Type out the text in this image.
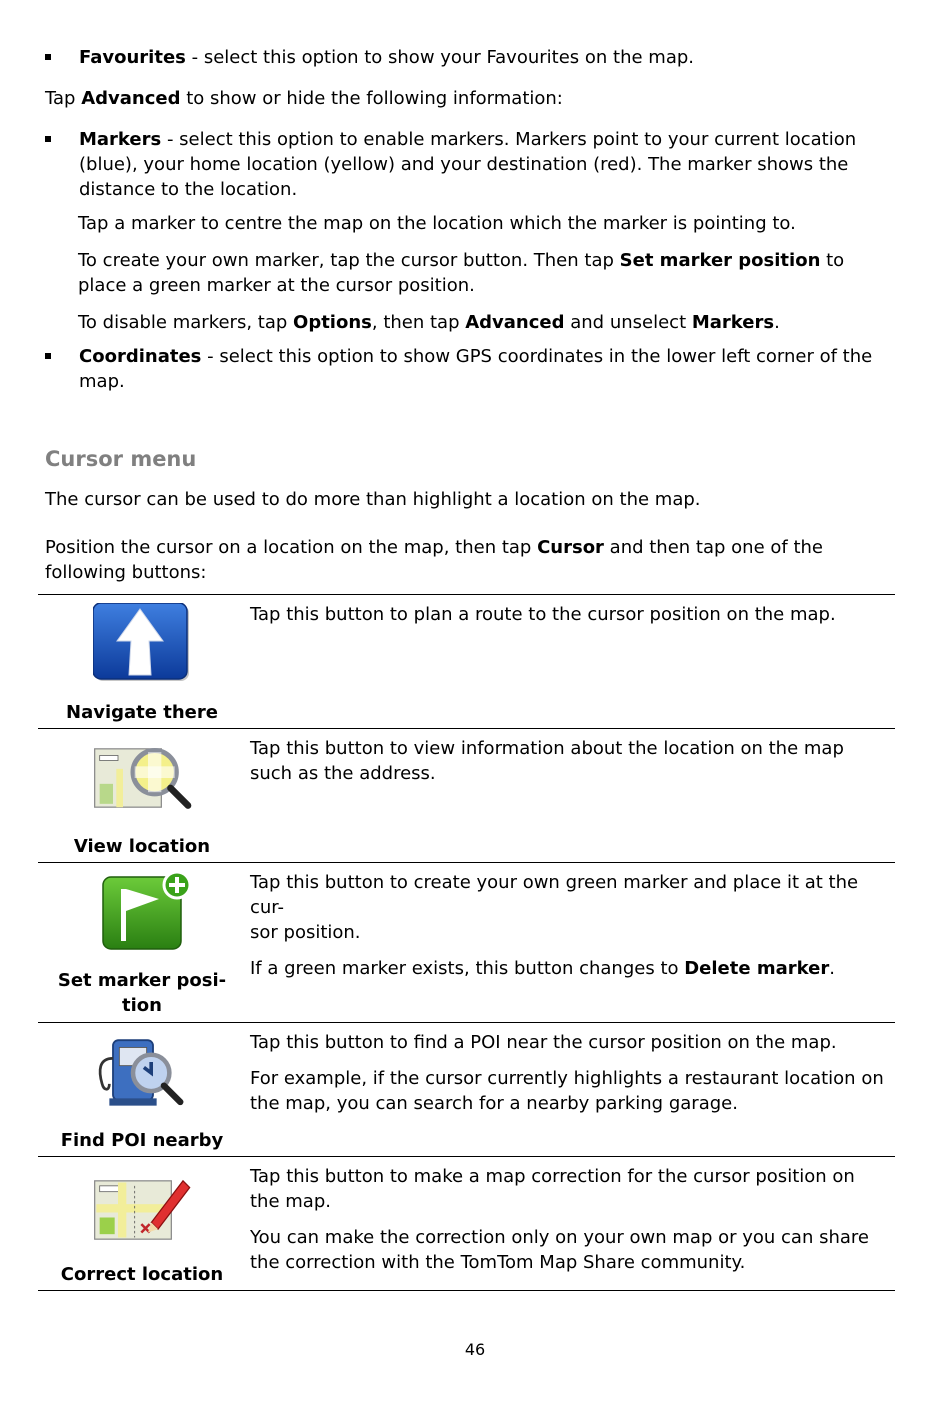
Favourites - select this option to show your Favourites on the map.
Tap Advanced to show or hide the following information:
Markers - select this option to enable markers. Markers point to your current location (blue), your home location (yellow) and your destination (red). The marker shows the distance to the location.
Tap a marker to centre the map on the location which the marker is pointing to.
To create your own marker, tap the cursor button. Then tap Set marker position to place a green marker at the cursor position.
To disable markers, tap Options, then tap Advanced and unselect Markers.
Coordinates - select this option to show GPS coordinates in the lower left corner of the map.
Cursor menu
The cursor can be used to do more than highlight a location on the map.
Position the cursor on a location on the map, then tap Cursor and then tap one of the following buttons:
Navigate there

Tap this button to plan a route to the cursor position on the map.

View location

Tap this button to view information about the location on the map such as the address.

Set marker posi-
tion

Tap this button to create your own green marker and place it at the cur-
sor position.

If a green marker exists, this button changes to Delete marker.

Find POI nearby

Tap this button to find a POI near the cursor position on the map.

For example, if the cursor currently highlights a restaurant location on the map, you can search for a nearby parking garage.

Correct location

Tap this button to make a map correction for the cursor position on the map.

You can make the correction only on your own map or you can share the correction with the TomTom Map Share community.

46
